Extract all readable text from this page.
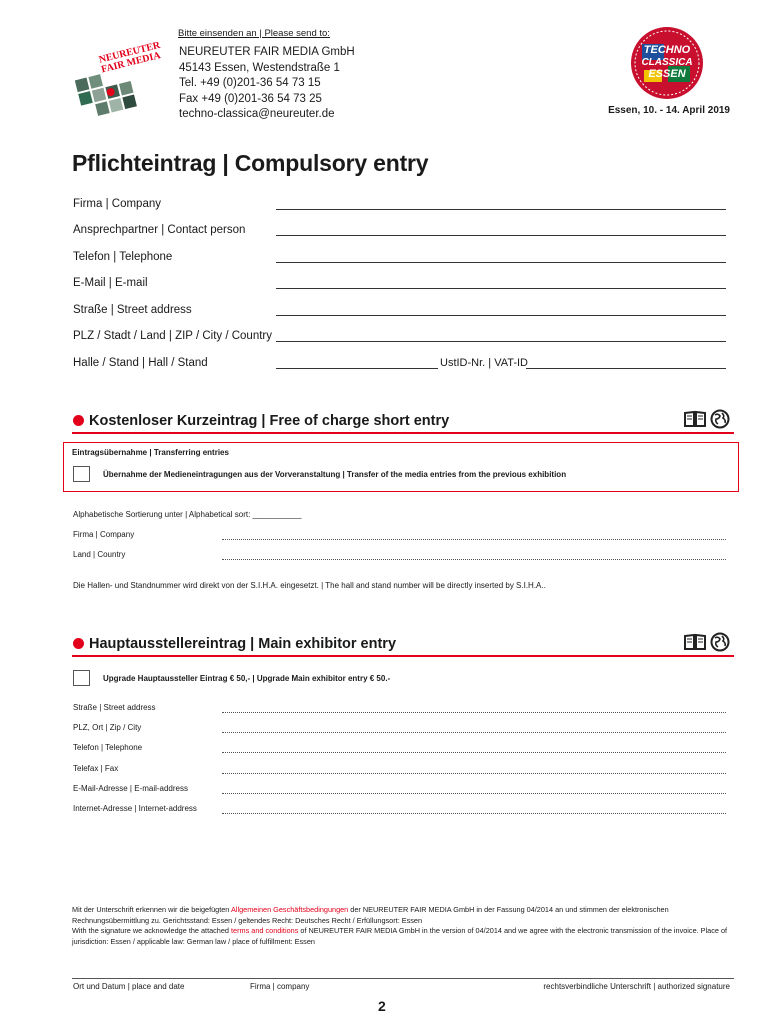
NEUREUTER FAIR MEDIA
Bitte einsenden an | Please send to:
NEUREUTER FAIR MEDIA GmbH
45143 Essen, Westendstraße 1
Tel. +49 (0)201-36 54 73 15
Fax +49 (0)201-36 54 73 25
techno-classica@neureuter.de
TECHNO
CLASSICA
ESSEN
Essen, 10. - 14. April 2019
Pflichteintrag | Compulsory entry
Firma | Company
Ansprechpartner | Contact person
Telefon | Telephone
E-Mail | E-mail
Straße | Street address
PLZ / Stadt / Land | ZIP / City / Country
Halle / Stand | Hall / Stand	UstID-Nr. | VAT-ID
Kostenloser Kurzeintrag | Free of charge short entry
Eintragsübernahme | Transferring entries
Übernahme der Medieneintragungen aus der Vorveranstaltung | Transfer of the media entries from the previous exhibition
Alphabetische Sortierung unter | Alphabetical sort: ___________
Firma | Company
Land | Country
Die Hallen- und Standnummer wird direkt von der S.I.H.A. eingesetzt. | The hall and stand number will be directly inserted by S.I.H.A..
Hauptausstellereintrag | Main exhibitor entry
Upgrade Hauptaussteller Eintrag € 50,- | Upgrade Main exhibitor entry € 50.-
Straße | Street address
PLZ, Ort | Zip / City
Telefon | Telephone
Telefax | Fax
E-Mail-Adresse | E-mail-address
Internet-Adresse | Internet-address
Mit der Unterschrift erkennen wir die beigefügten Allgemeinen Geschäftsbedingungen der NEUREUTER FAIR MEDIA GmbH in der Fassung 04/2014 an und stimmen der elektronischen Rechnungsübermittlung zu. Gerichtsstand: Essen / geltendes Recht: Deutsches Recht / Erfüllungsort: Essen
With the signature we acknowledge the attached terms and conditions of NEUREUTER FAIR MEDIA GmbH in the version of 04/2014 and we agree with the electronic transmission of the invoice. Place of jurisdiction: Essen / applicable law: German law / place of fulfillment: Essen
Ort und Datum | place and date	Firma | company	rechtsverbindliche Unterschrift | authorized signature
2
